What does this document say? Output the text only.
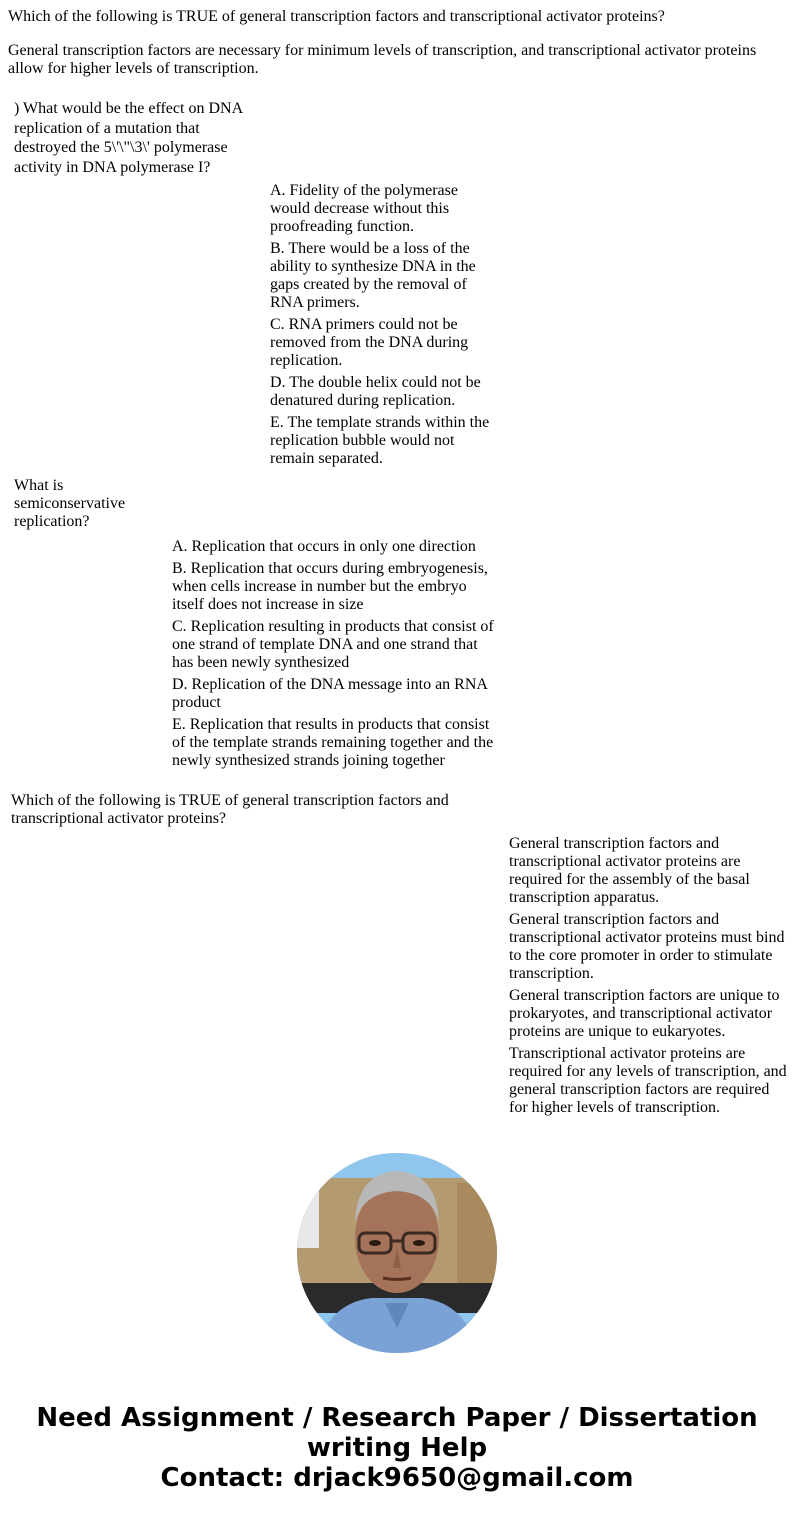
Which of the following is TRUE of general transcription factors and transcriptional activator proteins?

General transcription factors are necessary for minimum levels of transcription, and transcriptional activator proteins allow for higher levels of transcription.

) What would be the effect on DNA replication of a mutation that destroyed the 5\'\"\3\' polymerase activity in DNA polymerase I?
A. Fidelity of the polymerase would decrease without this proofreading function.
B. There would be a loss of the ability to synthesize DNA in the gaps created by the removal of RNA primers.
C. RNA primers could not be removed from the DNA during replication.
D. The double helix could not be denatured during replication.
E. The template strands within the replication bubble would not remain separated.
What is semiconservative replication?
A. Replication that occurs in only one direction
B. Replication that occurs during embryogenesis, when cells increase in number but the embryo itself does not increase in size
C. Replication resulting in products that consist of one strand of template DNA and one strand that has been newly synthesized
D. Replication of the DNA message into an RNA product
E. Replication that results in products that consist of the template strands remaining together and the newly synthesized strands joining together
Which of the following is TRUE of general transcription factors and transcriptional activator proteins?
General transcription factors and transcriptional activator proteins are required for the assembly of the basal transcription apparatus.
General transcription factors and transcriptional activator proteins must bind to the core promoter in order to stimulate transcription.
General transcription factors are unique to prokaryotes, and transcriptional activator proteins are unique to eukaryotes.
Transcriptional activator proteins are required for any levels of transcription, and general transcription factors are required for higher levels of transcription.
Need Assignment / Research Paper / Dissertation writing Help
Contact: drjack9650@gmail.com
